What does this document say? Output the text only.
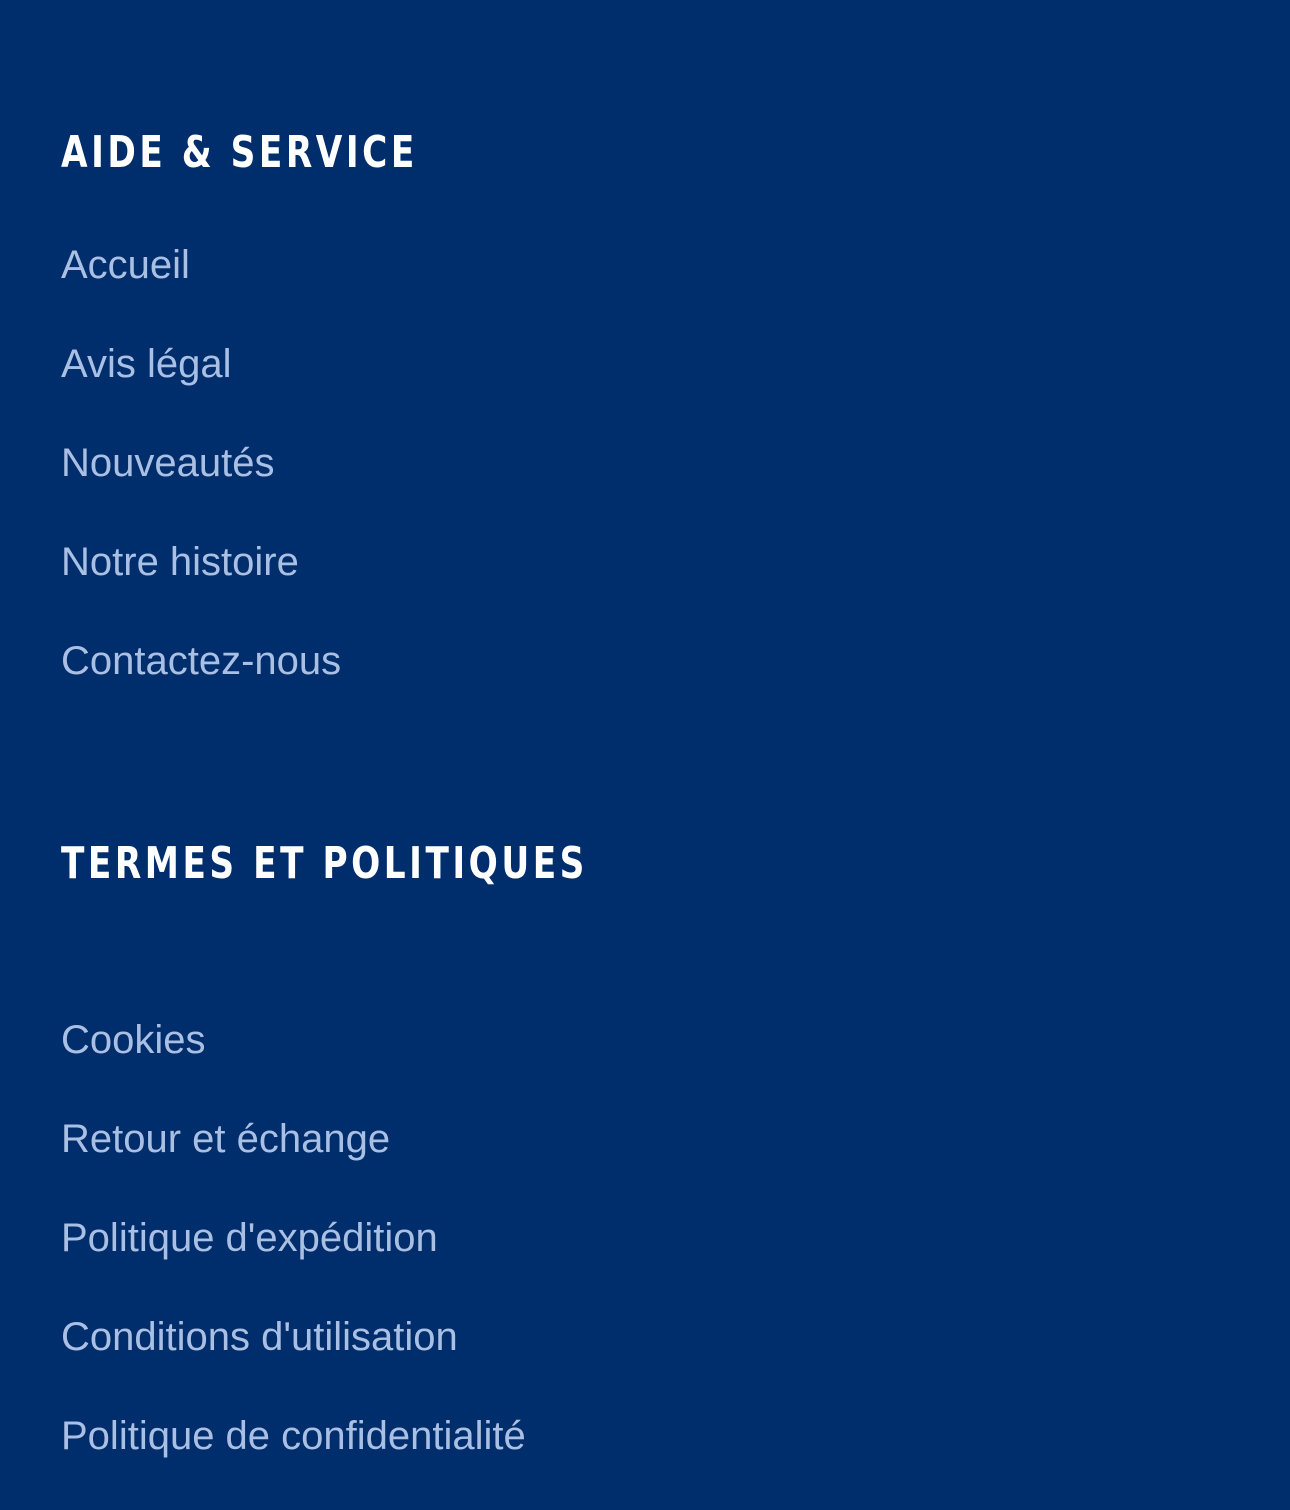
AIDE & SERVICE
Accueil
Avis légal
Nouveautés
Notre histoire
Contactez-nous
TERMES ET POLITIQUES
Cookies
Retour et échange
Politique d'expédition
Conditions d'utilisation
Politique de confidentialité
